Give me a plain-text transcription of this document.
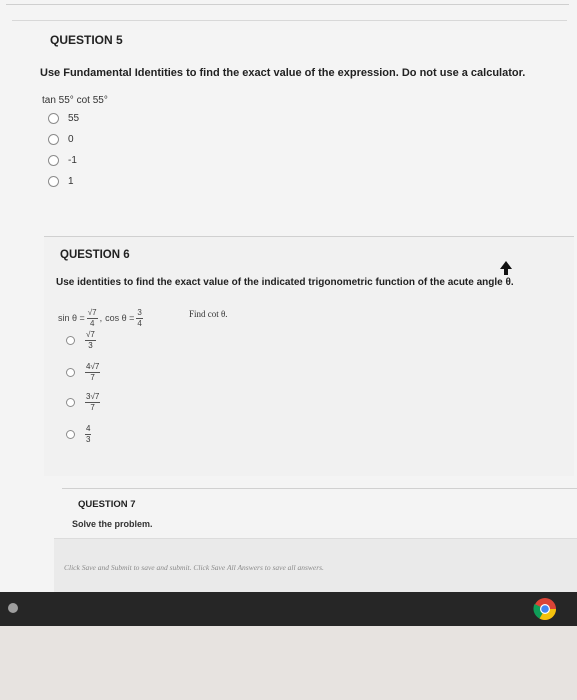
QUESTION 5
Use Fundamental Identities to find the exact value of the expression. Do not use a calculator.
tan 55° cot 55°
55
0
-1
1
QUESTION 6
Use identities to find the exact value of the indicated trigonometric function of the acute angle θ.
$\sin \theta = \frac{√7}{4}$ , $\cos \theta = \frac{3}{4}$	Find cot θ.
$\frac{√7}{3}$
$\frac{4√7}{7}$
$\frac{3√7}{7}$
$\frac{4}{3}$
QUESTION 7
Solve the problem.
Click Save and Submit to save and submit. Click Save All Answers to save all answers.
